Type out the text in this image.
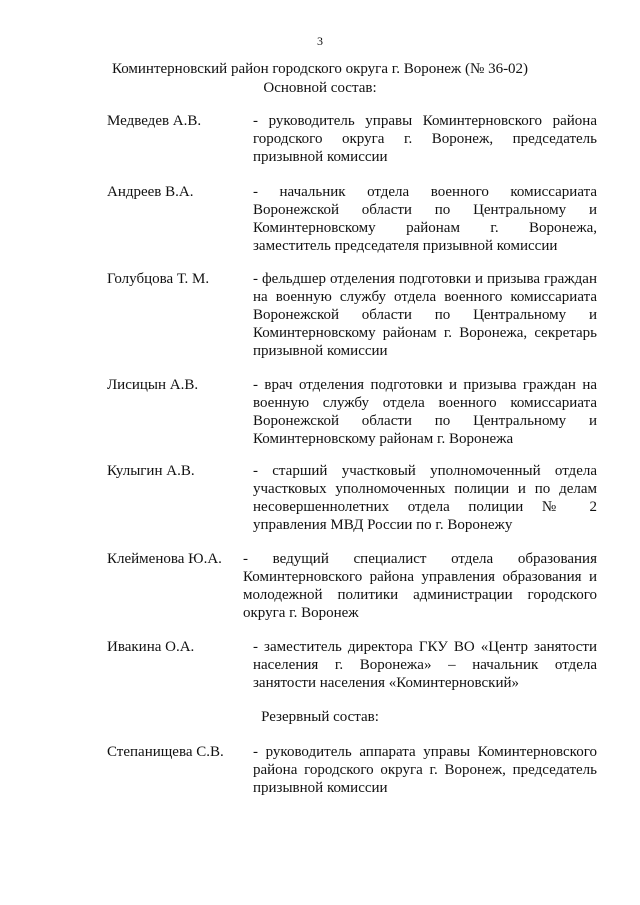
3
Коминтерновский район городского округа г. Воронеж (№ 36-02)
Основной состав:
Медведев А.В.	- руководитель управы Коминтерновского района городского округа г. Воронеж, председатель призывной комиссии
Андреев В.А.	- начальник отдела военного комиссариата Воронежской области по Центральному и Коминтерновскому районам г. Воронежа, заместитель председателя призывной комиссии
Голубцова Т. М.	- фельдшер отделения подготовки и призыва граждан на военную службу отдела военного комиссариата Воронежской области по Центральному и Коминтерновскому районам г. Воронежа, секретарь призывной комиссии
Лисицын А.В.	- врач отделения подготовки и призыва граждан на военную службу отдела военного комиссариата Воронежской области по Центральному и Коминтерновскому районам г. Воронежа
Кулыгин А.В.	- старший участковый уполномоченный отдела участковых уполномоченных полиции и по делам несовершеннолетних отдела полиции № 2 управления МВД России по г. Воронежу
Клейменова Ю.А. - ведущий специалист отдела образования Коминтерновского района управления образования и молодежной политики администрации городского округа г. Воронеж
Ивакина О.А.	- заместитель директора ГКУ ВО «Центр занятости населения г. Воронежа» – начальник отдела занятости населения «Коминтерновский»
Резервный состав:
Степанищева С.В. - руководитель аппарата управы Коминтерновского района городского округа г. Воронеж, председатель призывной комиссии
